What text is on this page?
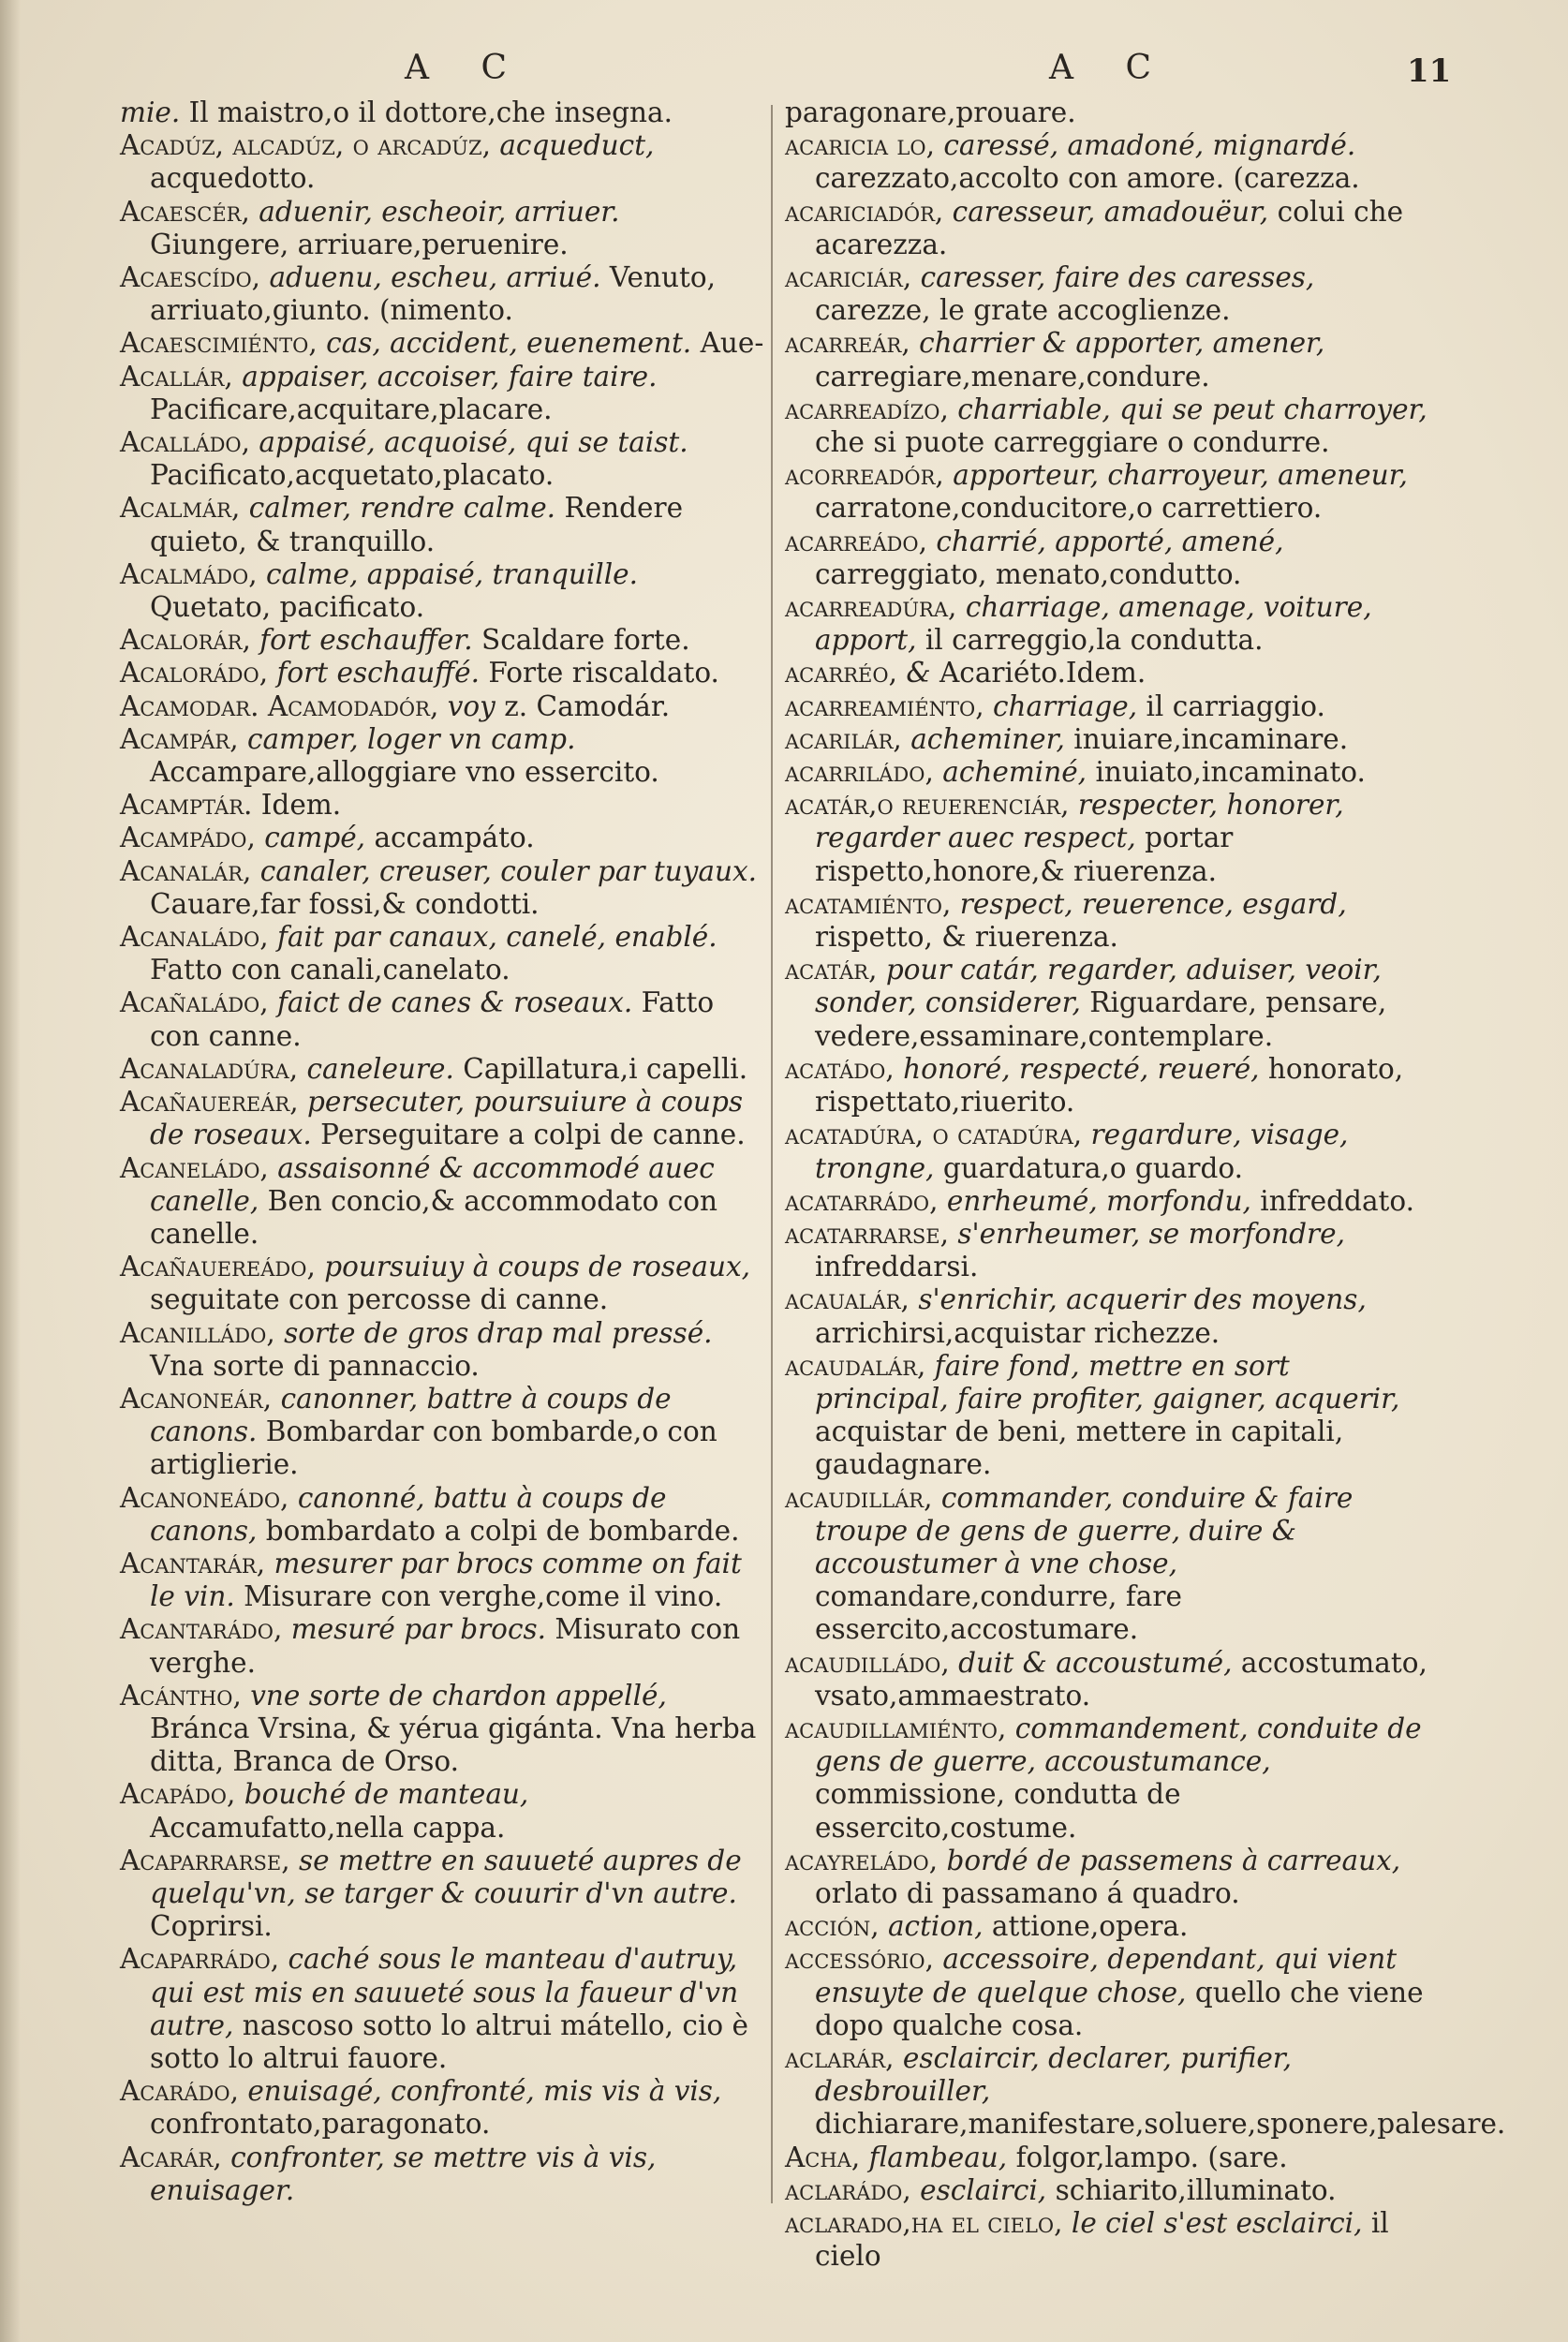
A C	A C	11

mie. Il maistro,o il dottore,che insegna.

Acadúz, alcadúz, o arcadúz, acqueduct, acquedotto.

Acaescér, aduenir, escheoir, arriuer. Giungere, arriuare,peruenire.

Acaescído, aduenu, escheu, arriué. Venuto, arriuato,giunto. (nimento.

Acaescimiénto, cas, accident, euenement. Aue-

Acallár, appaiser, accoiser, faire taire. Pacificare,acquitare,placare.

Acalládo, appaisé, acquoisé, qui se taist. Pacificato,acquetato,placato.

Acalmár, calmer, rendre calme. Rendere quieto, & tranquillo.

Acalmádo, calme, appaisé, tranquille. Quetato, pacificato.

Acalorár, fort eschauffer. Scaldare forte.

Acalorádo, fort eschauffé. Forte riscaldato.

Acamodar. Acamodadór, voy z. Camodár.

Acampár, camper, loger vn camp. Accampare,alloggiare vno essercito.

Acamptár. Idem.

Acampádo, campé, accampáto.

Acanalár, canaler, creuser, couler par tuyaux. Cauare,far fossi,& condotti.

Acanaládo, fait par canaux, canelé, enablé. Fatto con canali,canelato.

Acañaládo, faict de canes & roseaux. Fatto con canne.

Acanaladúra, caneleure. Capillatura,i capelli.

Acañauereár, persecuter, poursuiure à coups de roseaux. Perseguitare a colpi de canne.

Acaneládo, assaisonné & accommodé auec canelle, Ben concio,& accommodato con canelle.

Acañauereádo, poursuiuy à coups de roseaux, seguitate con percosse di canne.

Acanilládo, sorte de gros drap mal pressé. Vna sorte di pannaccio.

Acanoneár, canonner, battre à coups de canons. Bombardar con bombarde,o con artiglierie.

Acanoneádo, canonné, battu à coups de canons, bombardato a colpi de bombarde.

Acantarár, mesurer par brocs comme on fait le vin. Misurare con verghe,come il vino.

Acantarádo, mesuré par brocs. Misurato con verghe.

Acántho, vne sorte de chardon appellé, Bránca Vrsina, & yérua gigánta. Vna herba ditta, Branca de Orso.

Acapádo, bouché de manteau, Accamufatto,nella cappa.

Acaparrarse, se mettre en sauueté aupres de quelqu'vn, se targer & couurir d'vn autre. Coprirsi.

Acaparrádo, caché sous le manteau d'autruy, qui est mis en sauueté sous la faueur d'vn autre, nascoso sotto lo altrui mátello, cio è sotto lo altrui fauore.

Acarádo, enuisagé, confronté, mis vis à vis, confrontato,paragonato.

Acarár, confronter, se mettre vis à vis, enuisager.

paragonare,prouare.

acaricia lo, caressé, amadoné, mignardé. carezzato,accolto con amore. (carezza.

acariciadór, caresseur, amadouëur, colui che acarezza.

acariciár, caresser, faire des caresses, carezze, le grate accoglienze.

acarreár, charrier & apporter, amener, carregiare,menare,condure.

acarreadízo, charriable, qui se peut charroyer, che si puote carreggiare o condurre.

acorreadór, apporteur, charroyeur, ameneur, carratone,conducitore,o carrettiero.

acarreádo, charrié, apporté, amené, carreggiato, menato,condutto.

acarreadúra, charriage, amenage, voiture, apport, il carreggio,la condutta.

acarréo, & Acariéto.Idem.

acarreamiénto, charriage, il carriaggio.

acarilár, acheminer, inuiare,incaminare.

acarriládo, acheminé, inuiato,incaminato.

acatár,o reuerenciár, respecter, honorer, regarder auec respect, portar rispetto,honore,& riuerenza.

acatamiénto, respect, reuerence, esgard, rispetto, & riuerenza.

acatár, pour catár, regarder, aduiser, veoir, sonder, considerer, Riguardare, pensare, vedere,essaminare,contemplare.

acatádo, honoré, respecté, reueré, honorato, rispettato,riuerito.

acatadúra, o catadúra, regardure, visage, trongne, guardatura,o guardo.

acatarrádo, enrheumé, morfondu, infreddato.

acatarrarse, s'enrheumer, se morfondre, infreddarsi.

acaualár, s'enrichir, acquerir des moyens, arrichirsi,acquistar richezze.

acaudalár, faire fond, mettre en sort principal, faire profiter, gaigner, acquerir, acquistar de beni, mettere in capitali, gaudagnare.

acaudillár, commander, conduire & faire troupe de gens de guerre, duire & accoustumer à vne chose, comandare,condurre, fare essercito,accostumare.

acaudilládo, duit & accoustumé, accostumato, vsato,ammaestrato.

acaudillamiénto, commandement, conduite de gens de guerre, accoustumance, commissione, condutta de essercito,costume.

acayreládo, bordé de passemens à carreaux, orlato di passamano á quadro.

acción, action, attione,opera.

accessório, accessoire, dependant, qui vient ensuyte de quelque chose, quello che viene dopo qualche cosa.

aclarár, esclaircir, declarer, purifier, desbrouiller, dichiarare,manifestare,soluere,sponere,palesare.

Acha, flambeau, folgor,lampo. (sare.

aclarádo, esclairci, schiarito,illuminato.

aclarado,ha el cielo, le ciel s'est esclairci, il cielo
